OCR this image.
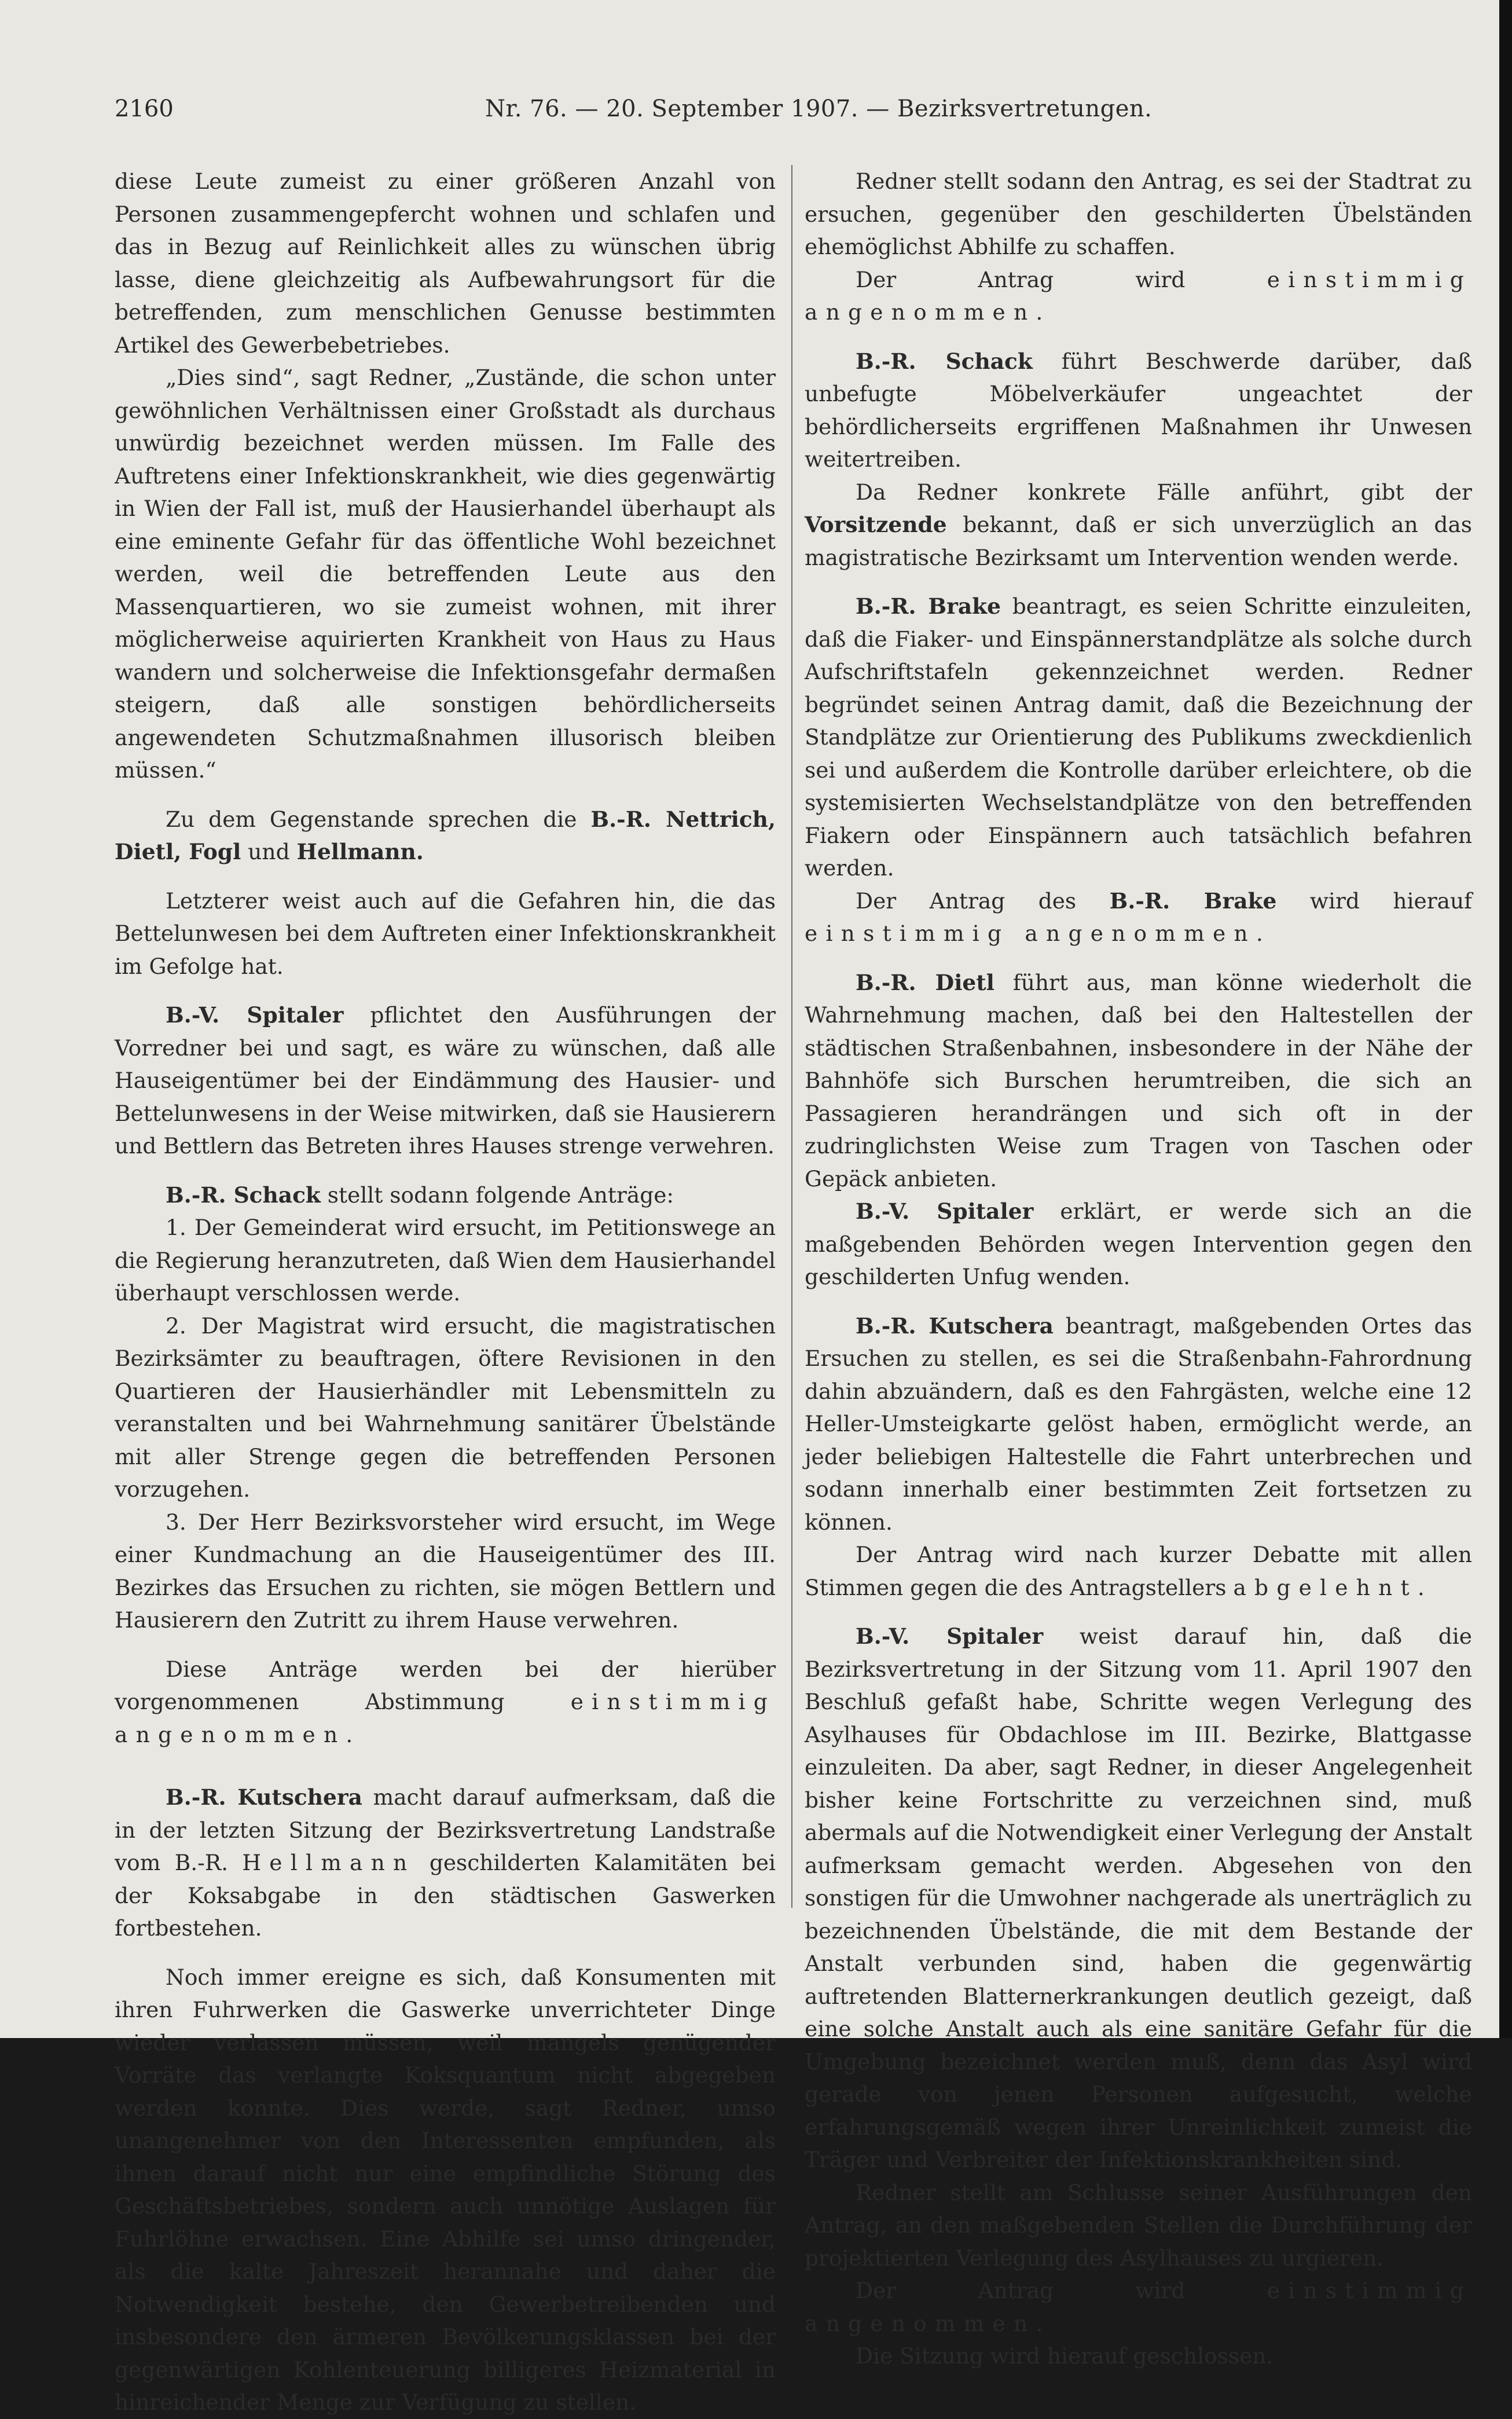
2160	Nr. 76. — 20. September 1907. — Bezirksvertretungen.

diese Leute zumeist zu einer größeren Anzahl von Personen zusammengepfercht wohnen und schlafen und das in Bezug auf Reinlichkeit alles zu wünschen übrig lasse, diene gleichzeitig als Aufbewahrungsort für die betreffenden, zum menschlichen Genusse bestimmten Artikel des Gewerbebetriebes.

„Dies sind“, sagt Redner, „Zustände, die schon unter gewöhnlichen Verhältnissen einer Großstadt als durchaus unwürdig bezeichnet werden müssen. Im Falle des Auftretens einer Infektionskrankheit, wie dies gegenwärtig in Wien der Fall ist, muß der Hausierhandel überhaupt als eine eminente Gefahr für das öffentliche Wohl bezeichnet werden, weil die betreffenden Leute aus den Massenquartieren, wo sie zumeist wohnen, mit ihrer möglicherweise aquirierten Krankheit von Haus zu Haus wandern und solcherweise die Infektionsgefahr dermaßen steigern, daß alle sonstigen behördlicherseits angewendeten Schutzmaßnahmen illusorisch bleiben müssen.“

Zu dem Gegenstande sprechen die B.-R. Nettrich, Dietl, Fogl und Hellmann.

Letzterer weist auch auf die Gefahren hin, die das Bettelunwesen bei dem Auftreten einer Infektionskrankheit im Gefolge hat.

B.-V. Spitaler pflichtet den Ausführungen der Vorredner bei und sagt, es wäre zu wünschen, daß alle Hauseigentümer bei der Eindämmung des Hausier- und Bettelunwesens in der Weise mitwirken, daß sie Hausierern und Bettlern das Betreten ihres Hauses strenge verwehren.

B.-R. Schack stellt sodann folgende Anträge:

1. Der Gemeinderat wird ersucht, im Petitionswege an die Regierung heranzutreten, daß Wien dem Hausierhandel überhaupt verschlossen werde.

2. Der Magistrat wird ersucht, die magistratischen Bezirksämter zu beauftragen, öftere Revisionen in den Quartieren der Hausierhändler mit Lebensmitteln zu veranstalten und bei Wahrnehmung sanitärer Übelstände mit aller Strenge gegen die betreffenden Personen vorzugehen.

3. Der Herr Bezirksvorsteher wird ersucht, im Wege einer Kundmachung an die Hauseigentümer des III. Bezirkes das Ersuchen zu richten, sie mögen Bettlern und Hausierern den Zutritt zu ihrem Hause verwehren.

Diese Anträge werden bei der hierüber vorgenommenen Abstimmung einstimmig angenommen.

B.-R. Kutschera macht darauf aufmerksam, daß die in der letzten Sitzung der Bezirksvertretung Landstraße vom B.-R. Hellmann geschilderten Kalamitäten bei der Koksabgabe in den städtischen Gaswerken fortbestehen.

Noch immer ereigne es sich, daß Konsumenten mit ihren Fuhrwerken die Gaswerke unverrichteter Dinge wieder verlassen müssen, weil mangels genügender Vorräte das verlangte Koksquantum nicht abgegeben werden konnte. Dies werde, sagt Redner, umso unangenehmer von den Interessenten empfunden, als ihnen darauf nicht nur eine empfindliche Störung des Geschäftsbetriebes, sondern auch unnötige Auslagen für Fuhrlöhne erwachsen. Eine Abhilfe sei umso dringender, als die kalte Jahreszeit herannahe und daher die Notwendigkeit bestehe, den Gewerbetreibenden und insbesondere den ärmeren Bevölkerungsklassen bei der gegenwärtigen Kohlenteuerung billigeres Heizmaterial in hinreichender Menge zur Verfügung zu stellen.

Redner stellt sodann den Antrag, es sei der Stadtrat zu ersuchen, gegenüber den geschilderten Übelständen ehemöglichst Abhilfe zu schaffen.

Der Antrag wird einstimmig angenommen.

B.-R. Schack führt Beschwerde darüber, daß unbefugte Möbelverkäufer ungeachtet der behördlicherseits ergriffenen Maßnahmen ihr Unwesen weitertreiben.

Da Redner konkrete Fälle anführt, gibt der Vorsitzende bekannt, daß er sich unverzüglich an das magistratische Bezirksamt um Intervention wenden werde.

B.-R. Brake beantragt, es seien Schritte einzuleiten, daß die Fiaker- und Einspännerstandplätze als solche durch Aufschriftstafeln gekennzeichnet werden. Redner begründet seinen Antrag damit, daß die Bezeichnung der Standplätze zur Orientierung des Publikums zweckdienlich sei und außerdem die Kontrolle darüber erleichtere, ob die systemisierten Wechselstandplätze von den betreffenden Fiakern oder Einspännern auch tatsächlich befahren werden.

Der Antrag des B.-R. Brake wird hierauf einstimmig angenommen.

B.-R. Dietl führt aus, man könne wiederholt die Wahrnehmung machen, daß bei den Haltestellen der städtischen Straßenbahnen, insbesondere in der Nähe der Bahnhöfe sich Burschen herumtreiben, die sich an Passagieren herandrängen und sich oft in der zudringlichsten Weise zum Tragen von Taschen oder Gepäck anbieten.

B.-V. Spitaler erklärt, er werde sich an die maßgebenden Behörden wegen Intervention gegen den geschilderten Unfug wenden.

B.-R. Kutschera beantragt, maßgebenden Ortes das Ersuchen zu stellen, es sei die Straßenbahn-Fahrordnung dahin abzuändern, daß es den Fahrgästen, welche eine 12 Heller-Umsteigkarte gelöst haben, ermöglicht werde, an jeder beliebigen Haltestelle die Fahrt unterbrechen und sodann innerhalb einer bestimmten Zeit fortsetzen zu können.

Der Antrag wird nach kurzer Debatte mit allen Stimmen gegen die des Antragstellers abgelehnt.

B.-V. Spitaler weist darauf hin, daß die Bezirksvertretung in der Sitzung vom 11. April 1907 den Beschluß gefaßt habe, Schritte wegen Verlegung des Asylhauses für Obdachlose im III. Bezirke, Blattgasse einzuleiten. Da aber, sagt Redner, in dieser Angelegenheit bisher keine Fortschritte zu verzeichnen sind, muß abermals auf die Notwendigkeit einer Verlegung der Anstalt aufmerksam gemacht werden. Abgesehen von den sonstigen für die Umwohner nachgerade als unerträglich zu bezeichnenden Übelstände, die mit dem Bestande der Anstalt verbunden sind, haben die gegenwärtig auftretenden Blatternerkrankungen deutlich gezeigt, daß eine solche Anstalt auch als eine sanitäre Gefahr für die Umgebung bezeichnet werden muß, denn das Asyl wird gerade von jenen Personen aufgesucht, welche erfahrungsgemäß wegen ihrer Unreinlichkeit zumeist die Träger und Verbreiter der Infektionskrankheiten sind.

Redner stellt am Schlusse seiner Ausführungen den Antrag, an den maßgebenden Stellen die Durchführung der projektierten Verlegung des Asylhauses zu urgieren.

Der Antrag wird einstimmig angenommen.

Die Sitzung wird hierauf geschlossen.
